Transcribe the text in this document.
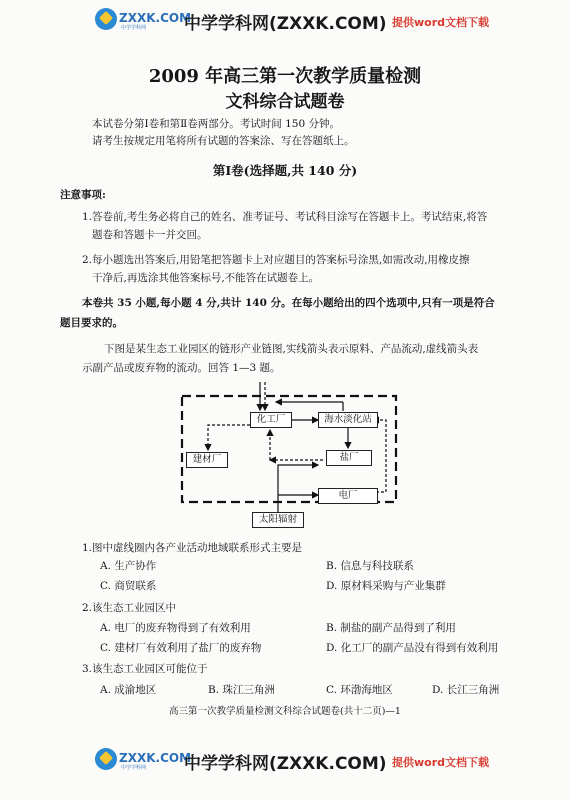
ZXXK.COM
中学学科网 中学学科网(ZXXK.COM) 提供word文档下载
2009 年高三第一次教学质量检测
文科综合试题卷
本试卷分第Ⅰ卷和第Ⅱ卷两部分。考试时间 150 分钟。
请考生按规定用笔将所有试题的答案涂、写在答题纸上。
第Ⅰ卷(选择题,共 140 分)
注意事项:
1.答卷前,考生务必将自己的姓名、准考证号、考试科目涂写在答题卡上。考试结束,将答
题卷和答题卡一并交回。
2.每小题选出答案后,用铅笔把答题卡上对应题目的答案标号涂黑,如需改动,用橡皮擦
干净后,再选涂其他答案标号,不能答在试题卷上。
本卷共 35 小题,每小题 4 分,共计 140 分。在每小题给出的四个选项中,只有一项是符合
题目要求的。
下图是某生态工业园区的链形产业链图,实线箭头表示原料、产品流动,虚线箭头表
示副产品或废弃物的流动。回答 1—3 题。
化工厂	海水淡化站
建材厂	盐厂
电厂
太阳辐射
1.图中虚线圈内各产业活动地域联系形式主要是
A. 生产协作	B. 信息与科技联系
C. 商贸联系	D. 原材料采购与产业集群
2.该生态工业园区中
A. 电厂的废弃物得到了有效利用	B. 制盐的副产品得到了利用
C. 建材厂有效利用了盐厂的废弃物	D. 化工厂的副产品没有得到有效利用
3.该生态工业园区可能位于
A. 成渝地区	B. 珠江三角洲	C. 环渤海地区	D. 长江三角洲
高三第一次教学质量检测文科综合试题卷(共十二页)—1
ZXXK.COM
中学学科网 中学学科网(ZXXK.COM) 提供word文档下载
